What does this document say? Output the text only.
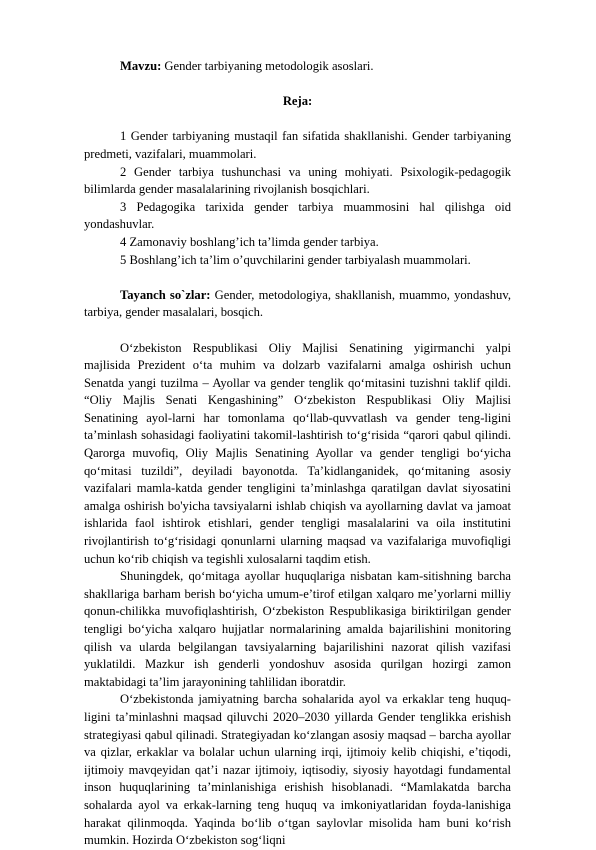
Mavzu: Gender tarbiyaning metodologik asoslari.

Reja:

1 Gender tarbiyaning mustaqil fan sifatida shakllanishi. Gender tarbiyaning predmeti, vazifalari, muammolari.

2 Gender tarbiya tushunchasi va uning mohiyati. Psixologik-pedagogik bilimlarda gender masalalarining rivojlanish bosqichlari.

3 Pedagogika tarixida gender tarbiya muammosini hal qilishga oid yondashuvlar.

4 Zamonaviy boshlang’ich ta’limda gender tarbiya.

5 Boshlang’ich ta’lim o’quvchilarini gender tarbiyalash muammolari.

Tayanch so`zlar: Gender, metodologiya, shakllanish, muammo, yondashuv, tarbiya, gender masalalari, bosqich.

O‘zbekiston Respublikasi Oliy Majlisi Senatining yigirmanchi yalpi majlisida Prezident o‘ta muhim va dolzarb vazifalarni amalga oshirish uchun Senatda yangi tuzilma – Ayollar va gender tenglik qo‘mitasini tuzishni taklif qildi. “Oliy Majlis Senati Kengashining” O‘zbekiston Respublikasi Oliy Majlisi Senatining ayol-larni har tomonlama qo‘llab-quvvatlash va gender teng-ligini ta’minlash sohasidagi faoliyatini takomil-lashtirish to‘g‘risida “qarori qabul qilindi. Qarorga muvofiq, Oliy Majlis Senatining Ayollar va gender tengligi bo‘yicha qo‘mitasi tuzildi”, deyiladi bayonotda. Ta’kidlanganidek, qo‘mitaning asosiy vazifalari mamla-katda gender tengligini ta’minlashga qaratilgan davlat siyosatini amalga oshirish bo'yicha tavsiyalarni ishlab chiqish va ayollarning davlat va jamoat ishlarida faol ishtirok etishlari, gender tengligi masalalarini va oila institutini rivojlantirish to‘g‘risidagi qonunlarni ularning maqsad va vazifalariga muvofiqligi uchun ko‘rib chiqish va tegishli xulosalarni taqdim etish.

Shuningdek, qo‘mitaga ayollar huquqlariga nisbatan kam-sitishning barcha shakllariga barham berish bo‘yicha umum-e’tirof etilgan xalqaro me’yorlarni milliy qonun-chilikka muvofiqlashtirish, O‘zbekiston Respublikasiga biriktirilgan gender tengligi bo‘yicha xalqaro hujjatlar normalarining amalda bajarilishini monitoring qilish va ularda belgilangan tavsiyalarning bajarilishini nazorat qilish vazifasi yuklatildi. Mazkur ish genderli yondoshuv asosida qurilgan hozirgi zamon maktabidagi ta’lim jarayonining tahlilidan iboratdir.

O‘zbekistonda jamiyatning barcha sohalarida ayol va erkaklar teng huquq-ligini ta’minlashni maqsad qiluvchi 2020–2030 yillarda Gender tenglikka erishish strategiyasi qabul qilinadi. Strategiyadan ko‘zlangan asosiy maqsad – barcha ayollar va qizlar, erkaklar va bolalar uchun ularning irqi, ijtimoiy kelib chiqishi, e’tiqodi, ijtimoiy mavqeyidan qat’i nazar ijtimoiy, iqtisodiy, siyosiy hayotdagi fundamental inson huquqlarining ta’minlanishiga erishish hisoblanadi. “Mamlakatda barcha sohalarda ayol va erkak-larning teng huquq va imkoniyatlaridan foyda-lanishiga harakat qilinmoqda. Yaqinda bo‘lib o‘tgan saylovlar misolida ham buni ko‘rish mumkin. Hozirda O‘zbekiston sog‘liqni
